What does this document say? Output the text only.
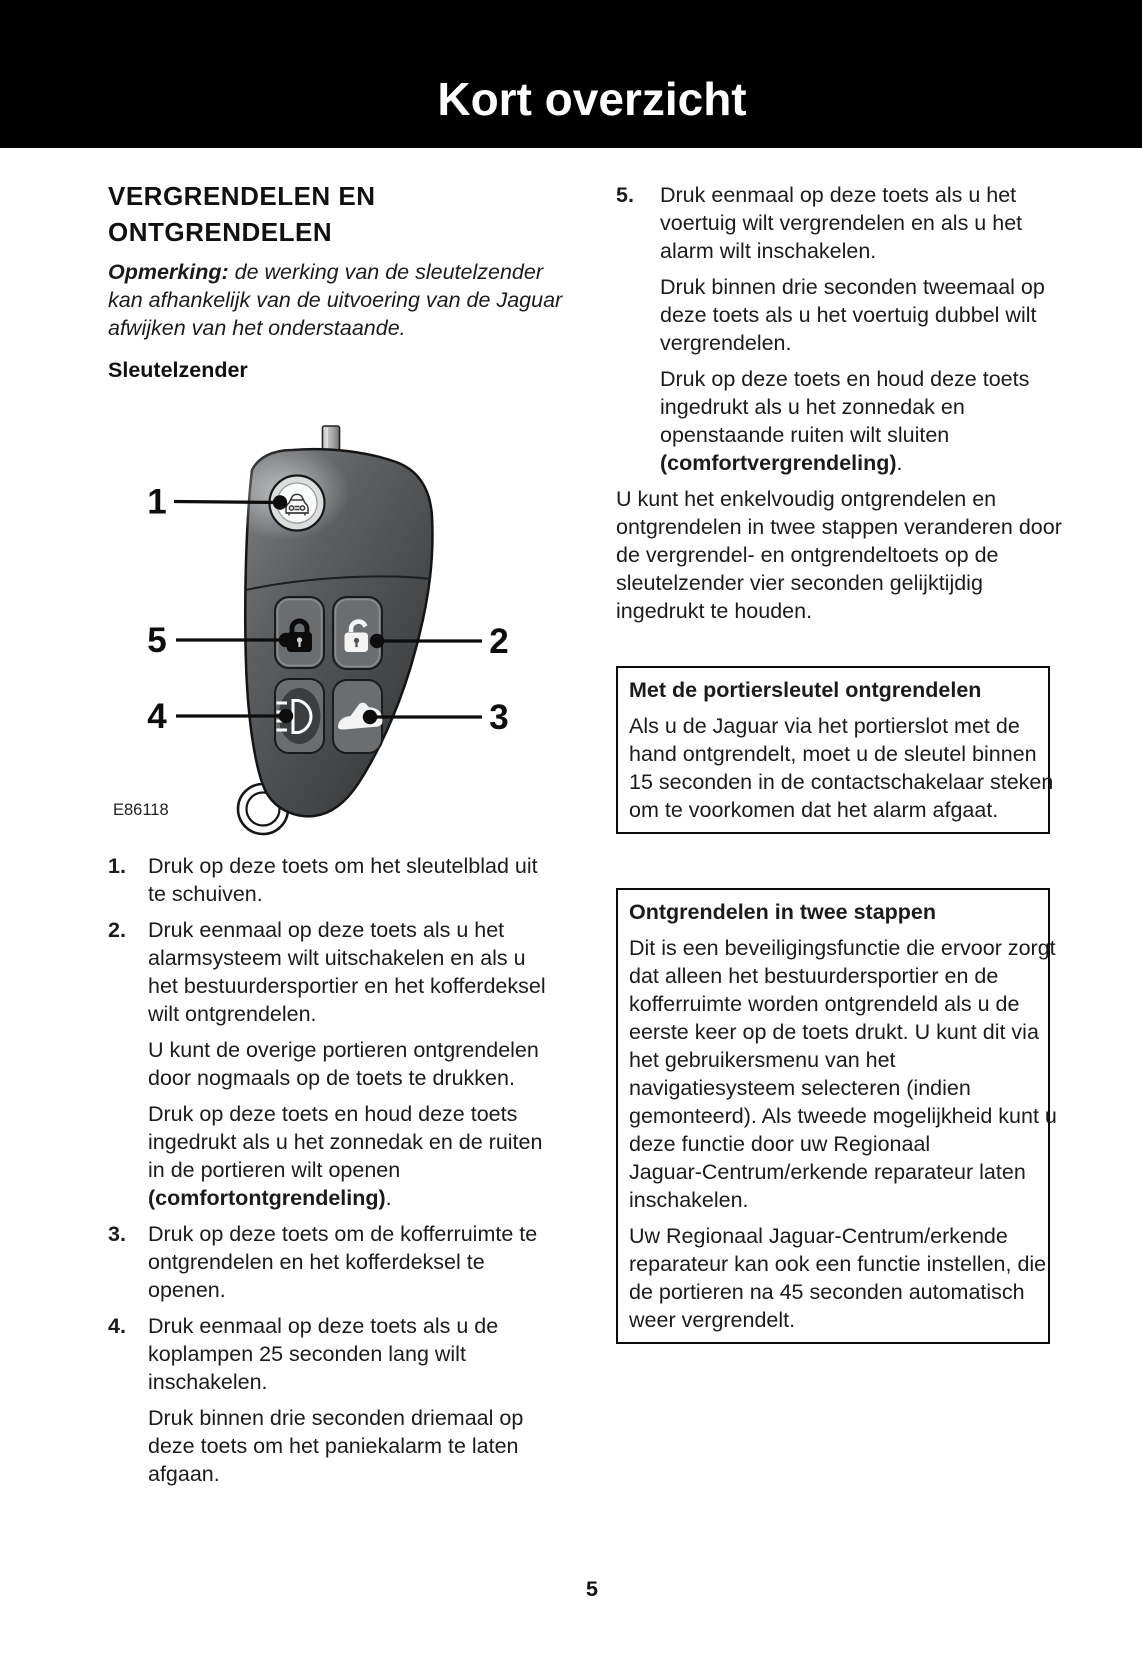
Kort overzicht
VERGRENDELEN EN ONTGRENDELEN

Opmerking: de werking van de sleutelzender
kan afhankelijk van de uitvoering van de Jaguar
afwijken van het onderstaande.

Sleutelzender
1
5
4
2
3
E86118
1.	Druk op deze toets om het sleutelblad uit
te schuiven.
2.	Druk eenmaal op deze toets als u het
alarmsysteem wilt uitschakelen en als u
het bestuurdersportier en het kofferdeksel
wilt ontgrendelen.
U kunt de overige portieren ontgrendelen
door nogmaals op de toets te drukken.
Druk op deze toets en houd deze toets
ingedrukt als u het zonnedak en de ruiten
in de portieren wilt openen
(comfortontgrendeling).
3.	Druk op deze toets om de kofferruimte te
ontgrendelen en het kofferdeksel te
openen.
4.	Druk eenmaal op deze toets als u de
koplampen 25 seconden lang wilt
inschakelen.
Druk binnen drie seconden driemaal op
deze toets om het paniekalarm te laten
afgaan.
5.	Druk eenmaal op deze toets als u het
voertuig wilt vergrendelen en als u het
alarm wilt inschakelen.
Druk binnen drie seconden tweemaal op
deze toets als u het voertuig dubbel wilt
vergrendelen.
Druk op deze toets en houd deze toets
ingedrukt als u het zonnedak en
openstaande ruiten wilt sluiten
(comfortvergrendeling).
U kunt het enkelvoudig ontgrendelen en
ontgrendelen in twee stappen veranderen door
de vergrendel- en ontgrendeltoets op de
sleutelzender vier seconden gelijktijdig
ingedrukt te houden.
Met de portiersleutel ontgrendelen
Als u de Jaguar via het portierslot met de
hand ontgrendelt, moet u de sleutel binnen
15 seconden in de contactschakelaar steken
om te voorkomen dat het alarm afgaat.
Ontgrendelen in twee stappen
Dit is een beveiligingsfunctie die ervoor zorgt
dat alleen het bestuurdersportier en de
kofferruimte worden ontgrendeld als u de
eerste keer op de toets drukt. U kunt dit via
het gebruikersmenu van het
navigatiesysteem selecteren (indien
gemonteerd). Als tweede mogelijkheid kunt u
deze functie door uw Regionaal
Jaguar-Centrum/erkende reparateur laten
inschakelen.
Uw Regionaal Jaguar-Centrum/erkende
reparateur kan ook een functie instellen, die
de portieren na 45 seconden automatisch
weer vergrendelt.
5
